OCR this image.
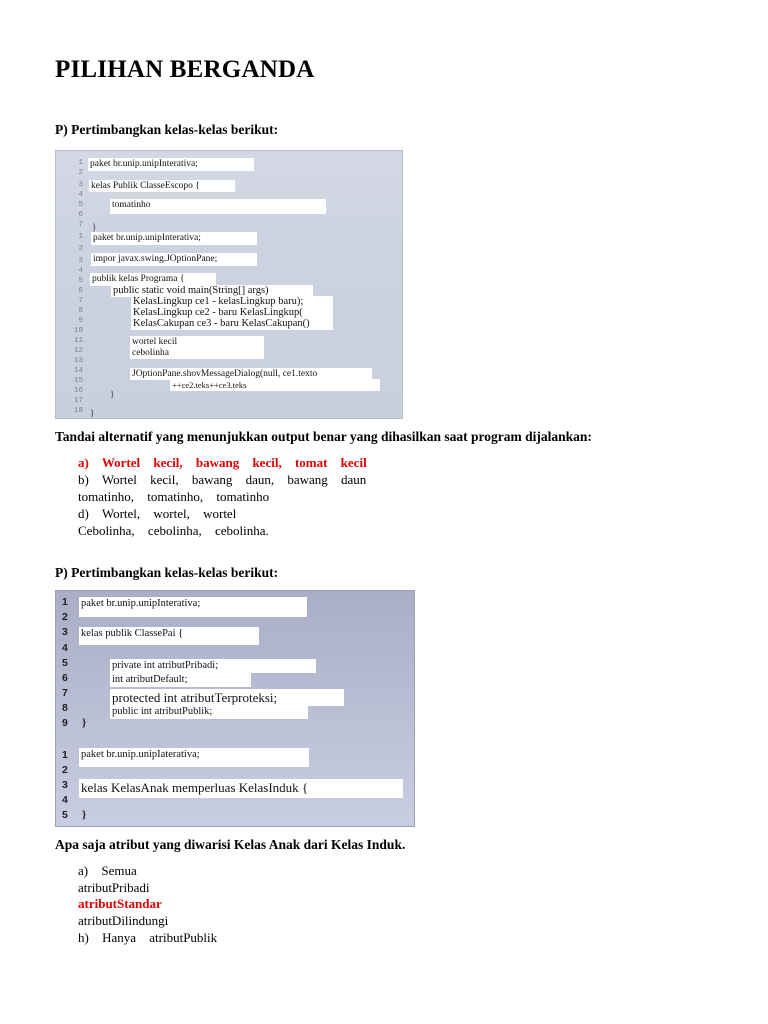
PILIHAN BERGANDA
P) Pertimbangkan kelas-kelas berikut:
1
2
3
4
5
6
7
1
2
3
4
5
6
7
8
9
10
11
12
13
14
15
16
17
18
paket br.unip.unipInterativa;
kelas Publik ClasseEscopo {
tomatinho
paket br.unip.unipInterativa;
impor javax.swing.JOptionPane;
publik kelas Programa {
public static void main(String[] args)
KelasLingkup ce1 - kelasLingkup baru);
KelasLingkup ce2 - baru KelasLingkup(
KelasCakupan ce3 - baru KelasCakupan()
wortel kecil
cebolinha
JOptionPane.shovMessageDialog(null, ce1.texto
++ce2.teks++ce3.teks
}
}
}
Tandai alternatif yang menunjukkan output benar yang dihasilkan saat program dijalankan:
a) Wortel kecil, bawang kecil, tomat kecil
b) Wortel kecil, bawang daun, bawang daun
tomatinho, tomatinho, tomatinho
d) Wortel, wortel, wortel
Cebolinha, cebolinha, cebolinha.
P) Pertimbangkan kelas-kelas berikut:
1
2
3
4
5
6
7
8
9
1
2
3
4
5
paket br.unip.unipInterativa;
kelas publik ClassePai {
private int atributPribadi;
int atributDefault;
protected int atributTerproteksi;
public int atributPublik;
}
paket br.unip.unipIaterativa;
kelas KelasAnak memperluas KelasInduk {
}
Apa saja atribut yang diwarisi Kelas Anak dari Kelas Induk.
a) Semua
atributPribadi
atributStandar
atributDilindungi
h) Hanya atributPublik
